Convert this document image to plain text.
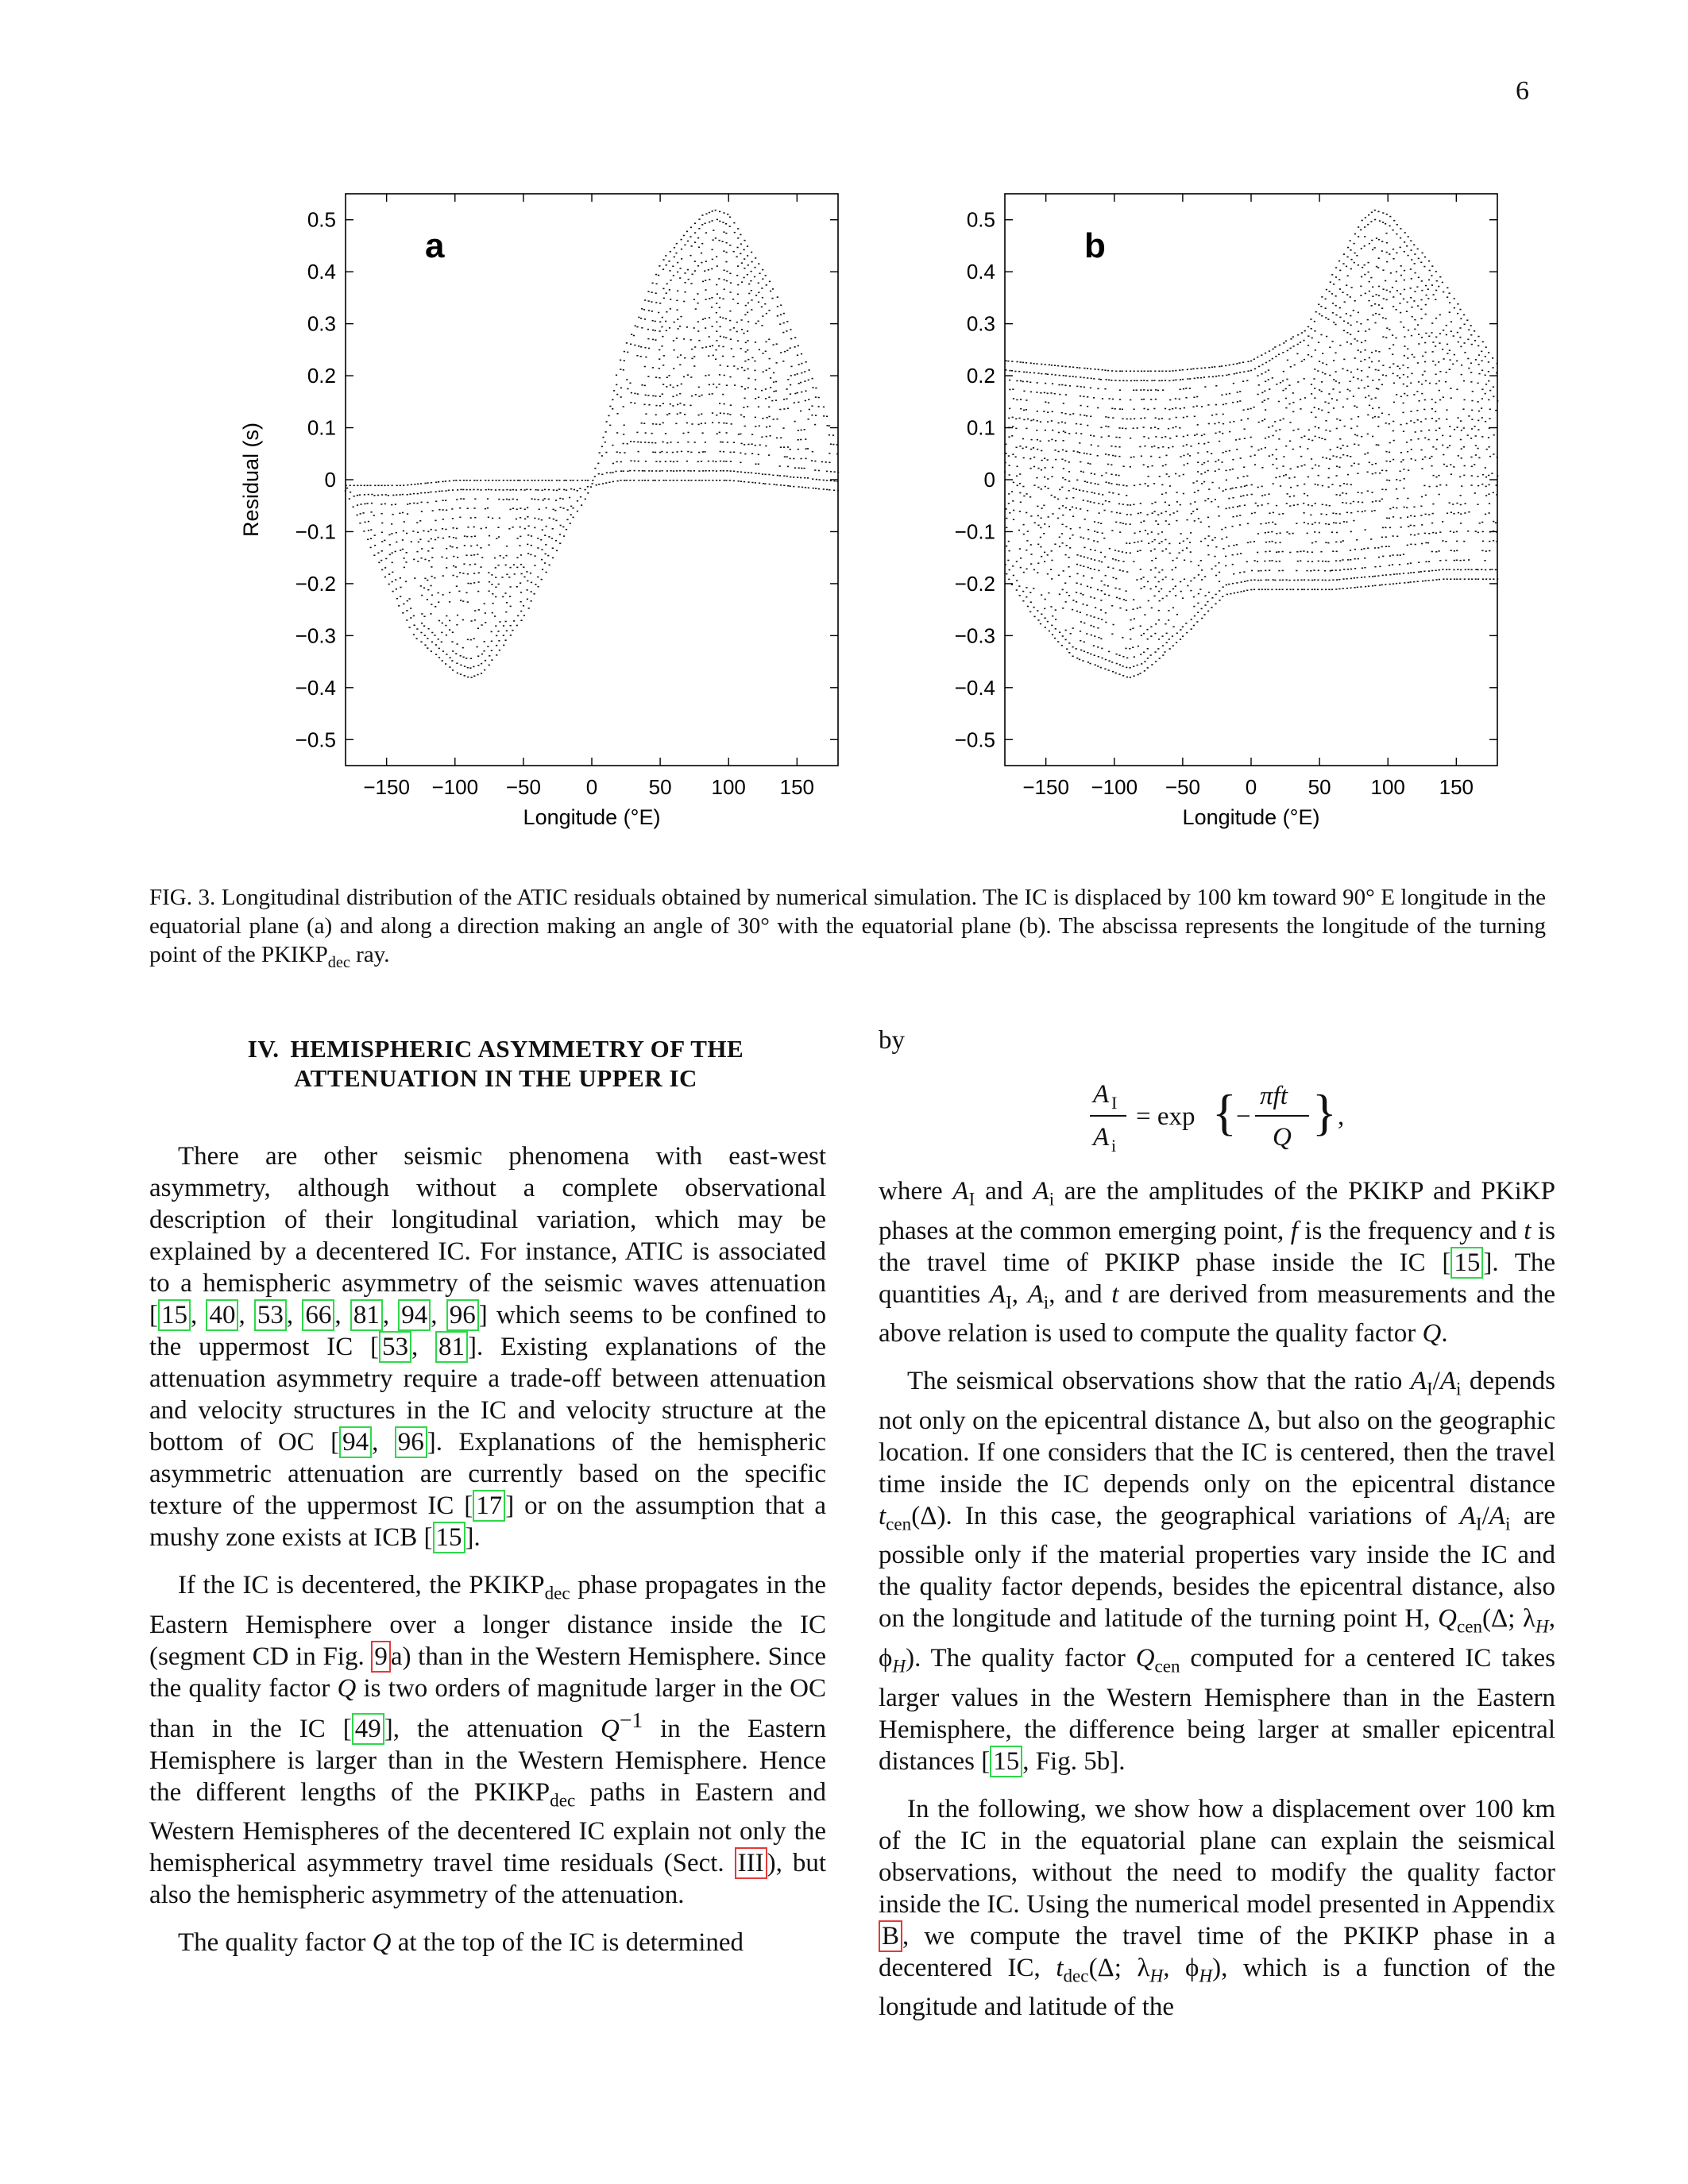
6
−150 −100 −50 0 50 100 150
0.5
0.4
0.3
0.2
0.1
0
−0.1
−0.2
−0.3
−0.4
−0.5
Longitude (°E)
Residual (s)
a
−150 −100 −50 0 50 100 150
0.5
0.4
0.3
0.2
0.1
0
−0.1
−0.2
−0.3
−0.4
−0.5
Longitude (°E)
b
FIG. 3. Longitudinal distribution of the ATIC residuals obtained by numerical simulation. The IC is displaced by 100 km toward 90° E longitude in the equatorial plane (a) and along a direction making an angle of 30° with the equatorial plane (b). The abscissa represents the longitude of the turning point of the $PKIKP_{dec}$ ray.
IV. HEMISPHERIC ASYMMETRY OF THE ATTENUATION IN THE UPPER IC

There are other seismic phenomena with east-west asymmetry, although without a complete observational description of their longitudinal variation, which may be explained by a decentered IC. For instance, ATIC is associated to a hemispheric asymmetry of the seismic waves attenuation [ 15 , 40 , 53 , 66 , 81 , 94 , 96 ] which seems to be confined to the uppermost IC [ 53 , 81 ]. Existing explanations of the attenuation asymmetry require a trade-off between attenuation and velocity structures in the IC and velocity structure at the bottom of OC [ 94 , 96 ]. Explanations of the hemispheric asymmetric attenuation are currently based on the specific texture of the uppermost IC [ 17 ] or on the assumption that a mushy zone exists at ICB [ 15 ].

If the IC is decentered, the $PKIKP_{dec}$ phase propagates in the Eastern Hemisphere over a longer distance inside the IC (segment CD in Fig. 9 a) than in the Western Hemisphere. Since the quality factor Q is two orders of magnitude larger in the OC than in the IC [ 49 ], the attenuation $Q^{-1}$ in the Eastern Hemisphere is larger than in the Western Hemisphere. Hence the different lengths of the $PKIKP_{dec}$ paths in Eastern and Western Hemispheres of the decentered IC explain not only the hemispherical asymmetry travel time residuals (Sect. III ), but also the hemispheric asymmetry of the attenuation.

The quality factor Q at the top of the IC is determined

by

A I
A i
= exp { −
πft
Q } ,

where $A_I$ and $A_i$ are the amplitudes of the PKIKP and PKiKP phases at the common emerging point, f is the frequency and t is the travel time of PKIKP phase inside the IC [ 15 ]. The quantities $A_I$, $A_i$, and t are derived from measurements and the above relation is used to compute the quality factor Q.

The seismical observations show that the ratio $A_I/A_i$ depends not only on the epicentral distance Δ, but also on the geographic location. If one considers that the IC is centered, then the travel time inside the IC depends only on the epicentral distance $t_{cen}(\Delta)$. In this case, the geographical variations of $A_I/A_i$ are possible only if the material properties vary inside the IC and the quality factor depends, besides the epicentral distance, also on the longitude and latitude of the turning point H, $Q_{cen}(\Delta$; $\lambda_H$, $\phi_H$). The quality factor $Q_{cen}$ computed for a centered IC takes larger values in the Western Hemisphere than in the Eastern Hemisphere, the difference being larger at smaller epicentral distances [ 15 , Fig. 5b].

In the following, we show how a displacement over 100 km of the IC in the equatorial plane can explain the seismical observations, without the need to modify the quality factor inside the IC. Using the numerical model presented in Appendix B , we compute the travel time of the PKIKP phase in a decentered IC, $t_{dec}(\Delta$; $\lambda_H$, $\phi_H$), which is a function of the longitude and latitude of the
